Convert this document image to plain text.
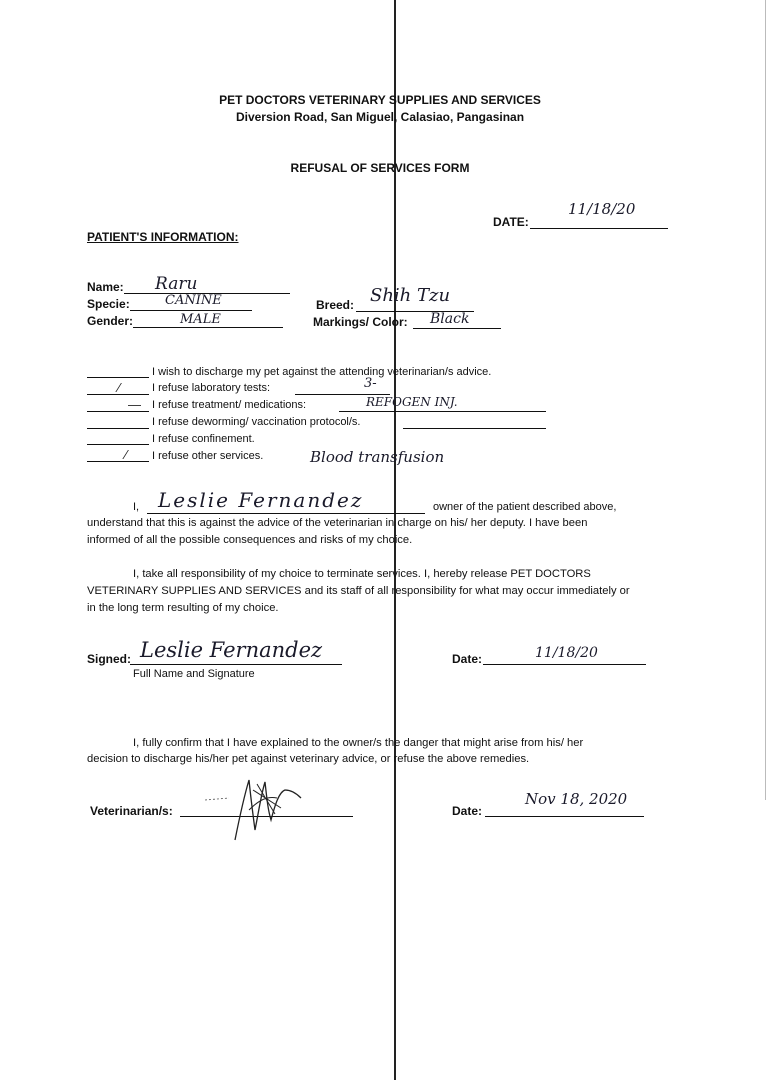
PET DOCTORS VETERINARY SUPPLIES AND SERVICES
Diversion Road, San Miguel, Calasiao, Pangasinan
REFUSAL OF SERVICES FORM
DATE:
11/18/20
PATIENT'S INFORMATION:
Name: Raru
Specie:	CANINE
Gender:	MALE
Breed: Shih Tzu
Markings/ Color: Black
I wish to discharge my pet against the attending veterinarian/s advice.
⁄	I refuse laboratory tests:	3-
— I refuse treatment/ medications:	REFOGEN INJ.
I refuse deworming/ vaccination protocol/s.
I refuse confinement.
⁄ I refuse other services.	Blood transfusion
I, Leslie Fernandez	owner of the patient described above,
understand that this is against the advice of the veterinarian in charge on his/ her deputy. I have been
informed of all the possible consequences and risks of my choice.
I, take all responsibility of my choice to terminate services. I, hereby release PET DOCTORS
VETERINARY SUPPLIES AND SERVICES and its staff of all responsibility for what may occur immediately or
in the long term resulting of my choice.
Signed: Leslie Fernandez
Full Name and Signature
Date:	11/18/20
I, fully confirm that I have explained to the owner/s the danger that might arise from his/ her
decision to discharge his/her pet against veterinary advice, or refuse the above remedies.
Veterinarian/s:	Date:
Nov 18, 2020
